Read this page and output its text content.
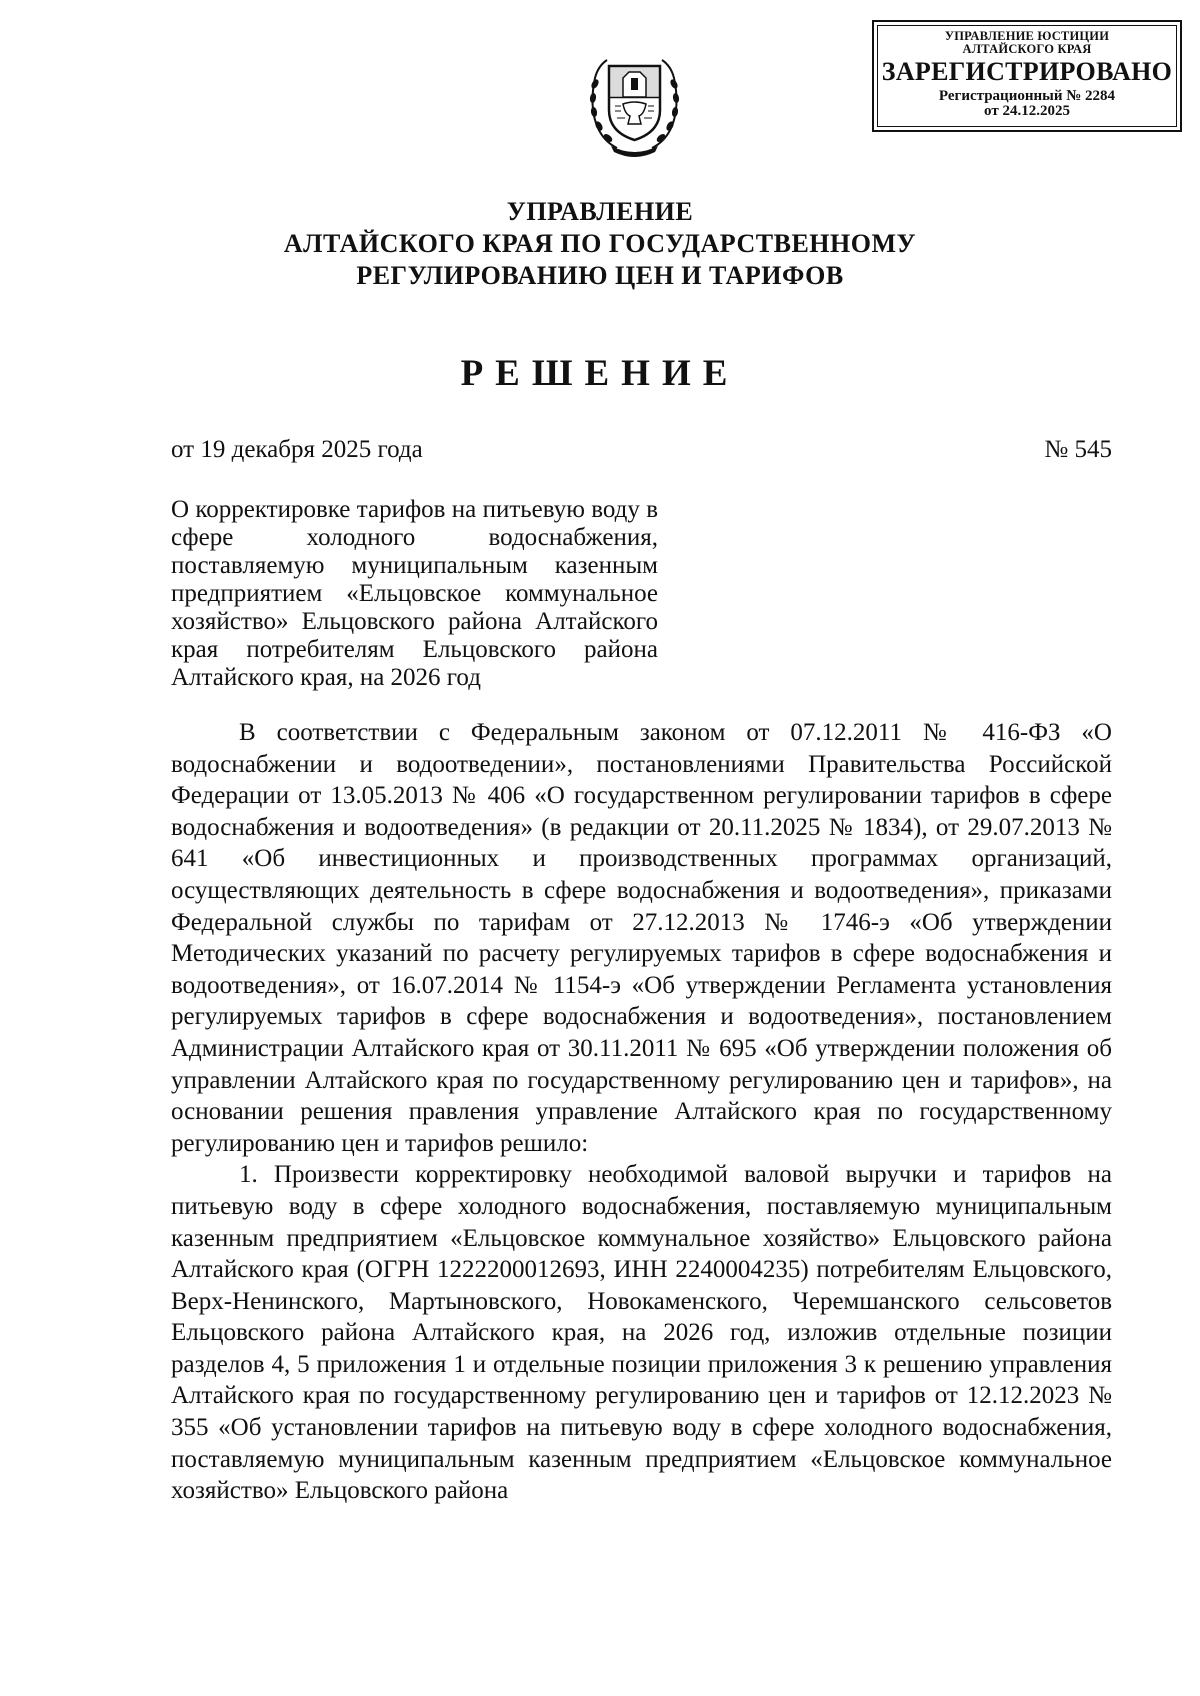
УПРАВЛЕНИЕ ЮСТИЦИИ
АЛТАЙСКОГО КРАЯ
ЗАРЕГИСТРИРОВАНО
Регистрационный № 2284
от 24.12.2025
УПРАВЛЕНИЕ
АЛТАЙСКОГО КРАЯ ПО ГОСУДАРСТВЕННОМУ
РЕГУЛИРОВАНИЮ ЦЕН И ТАРИФОВ
РЕШЕНИЕ
от 19 декабря 2025 года	№ 545
О корректировке тарифов на питьевую воду в сфере холодного водоснабжения, поставляемую муниципальным казенным предприятием «Ельцовское коммунальное хозяйство» Ельцовского района Алтайского края потребителям Ельцовского района Алтайского края, на 2026 год

В соответствии с Федеральным законом от 07.12.2011 № 416-ФЗ «О водоснабжении и водоотведении», постановлениями Правительства Российской Федерации от 13.05.2013 № 406 «О государственном регулировании тарифов в сфере водоснабжения и водоотведения» (в редакции от 20.11.2025 № 1834), от 29.07.2013 № 641 «Об инвестиционных и производственных программах организаций, осуществляющих деятельность в сфере водоснабжения и водоотведения», приказами Федеральной службы по тарифам от 27.12.2013 № 1746-э «Об утверждении Методических указаний по расчету регулируемых тарифов в сфере водоснабжения и водоотведения», от 16.07.2014 № 1154-э «Об утверждении Регламента установления регулируемых тарифов в сфере водоснабжения и водоотведения», постановлением Администрации Алтайского края от 30.11.2011 № 695 «Об утверждении положения об управлении Алтайского края по государственному регулированию цен и тарифов», на основании решения правления управление Алтайского края по государственному регулированию цен и тарифов решило:

1. Произвести корректировку необходимой валовой выручки и тарифов на питьевую воду в сфере холодного водоснабжения, поставляемую муниципальным казенным предприятием «Ельцовское коммунальное хозяйство» Ельцовского района Алтайского края (ОГРН 1222200012693, ИНН 2240004235) потребителям Ельцовского, Верх-Ненинского, Мартыновского, Новокаменского, Черемшанского сельсоветов Ельцовского района Алтайского края, на 2026 год, изложив отдельные позиции разделов 4, 5 приложения 1 и отдельные позиции приложения 3 к решению управления Алтайского края по государственному регулированию цен и тарифов от 12.12.2023 № 355 «Об установлении тарифов на питьевую воду в сфере холодного водоснабжения, поставляемую муниципальным казенным предприятием «Ельцовское коммунальное хозяйство» Ельцовского района
